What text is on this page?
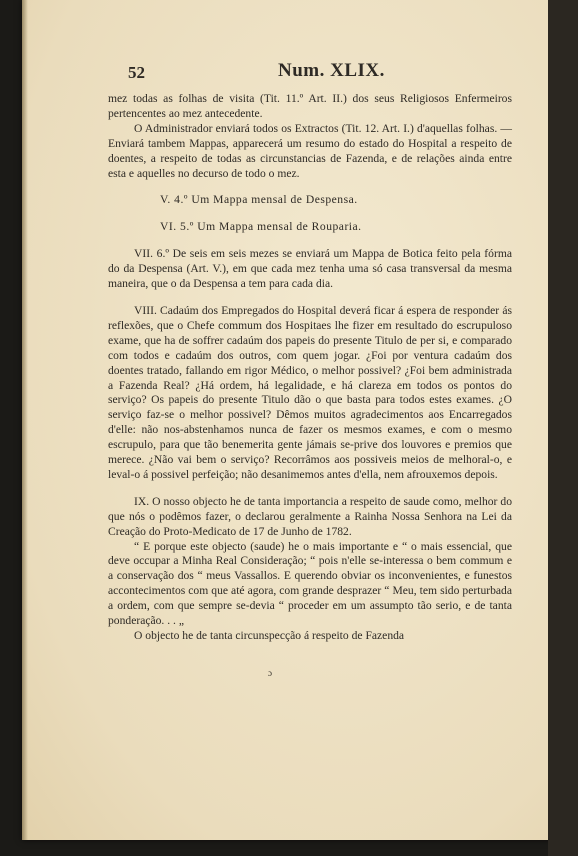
52	Num. XLIX.

mez todas as folhas de visita (Tit. 11.º Art. II.) dos seus Religiosos Enfermeiros pertencentes ao mez antecedente.

O Administrador enviará todos os Extractos (Tit. 12. Art. I.) d'aquellas folhas. — Enviará tambem Mappas, apparecerá um resumo do estado do Hospital a respeito de doentes, a respeito de todas as circunstancias de Fazenda, e de relações ainda entre esta e aquelles no decurso de todo o mez.

V. 4.º Um Mappa mensal de Despensa.

VI. 5.º Um Mappa mensal de Rouparia.

VII. 6.º De seis em seis mezes se enviará um Mappa de Botica feito pela fórma do da Despensa (Art. V.), em que cada mez tenha uma só casa transversal da mesma maneira, que o da Despensa a tem para cada dia.

VIII. Cadaúm dos Empregados do Hospital deverá ficar á espera de responder ás reflexões, que o Chefe commum dos Hospitaes lhe fizer em resultado do escrupuloso exame, que ha de soffrer cadaúm dos papeis do presente Titulo de per si, e comparado com todos e cadaúm dos outros, com quem jogar. ¿Foi por ventura cadaúm dos doentes tratado, fallando em rigor Médico, o melhor possivel? ¿Foi bem administrada a Fazenda Real? ¿Há ordem, há legalidade, e há clareza em todos os pontos do serviço? Os papeis do presente Titulo dão o que basta para todos estes exames. ¿O serviço faz-se o melhor possivel? Dêmos muitos agradecimentos aos Encarregados d'elle: não nos-abstenhamos nunca de fazer os mesmos exames, e com o mesmo escrupulo, para que tão benemerita gente jámais se-prive dos louvores e premios que merece. ¿Não vai bem o serviço? Recorrâmos aos possiveis meios de melhoral-o, e leval-o á possivel perfeição; não desanimemos antes d'ella, nem afrouxemos depois.

IX. O nosso objecto he de tanta importancia a respeito de saude como, melhor do que nós o podêmos fazer, o declarou geralmente a Rainha Nossa Senhora na Lei da Creação do Proto-Medicato de 17 de Junho de 1782.

“ E porque este objecto (saude) he o mais importante e “ o mais essencial, que deve occupar a Minha Real Consideração; “ pois n'elle se-interessa o bem commum e a conservação dos “ meus Vassallos. E querendo obviar os inconvenientes, e funestos accontecimentos com que até agora, com grande desprazer “ Meu, tem sido perturbada a ordem, com que sempre se-devia “ proceder em um assumpto tão serio, e de tanta ponderação. . . „

O objecto he de tanta circunspecção á respeito de Fazenda

ɔ
